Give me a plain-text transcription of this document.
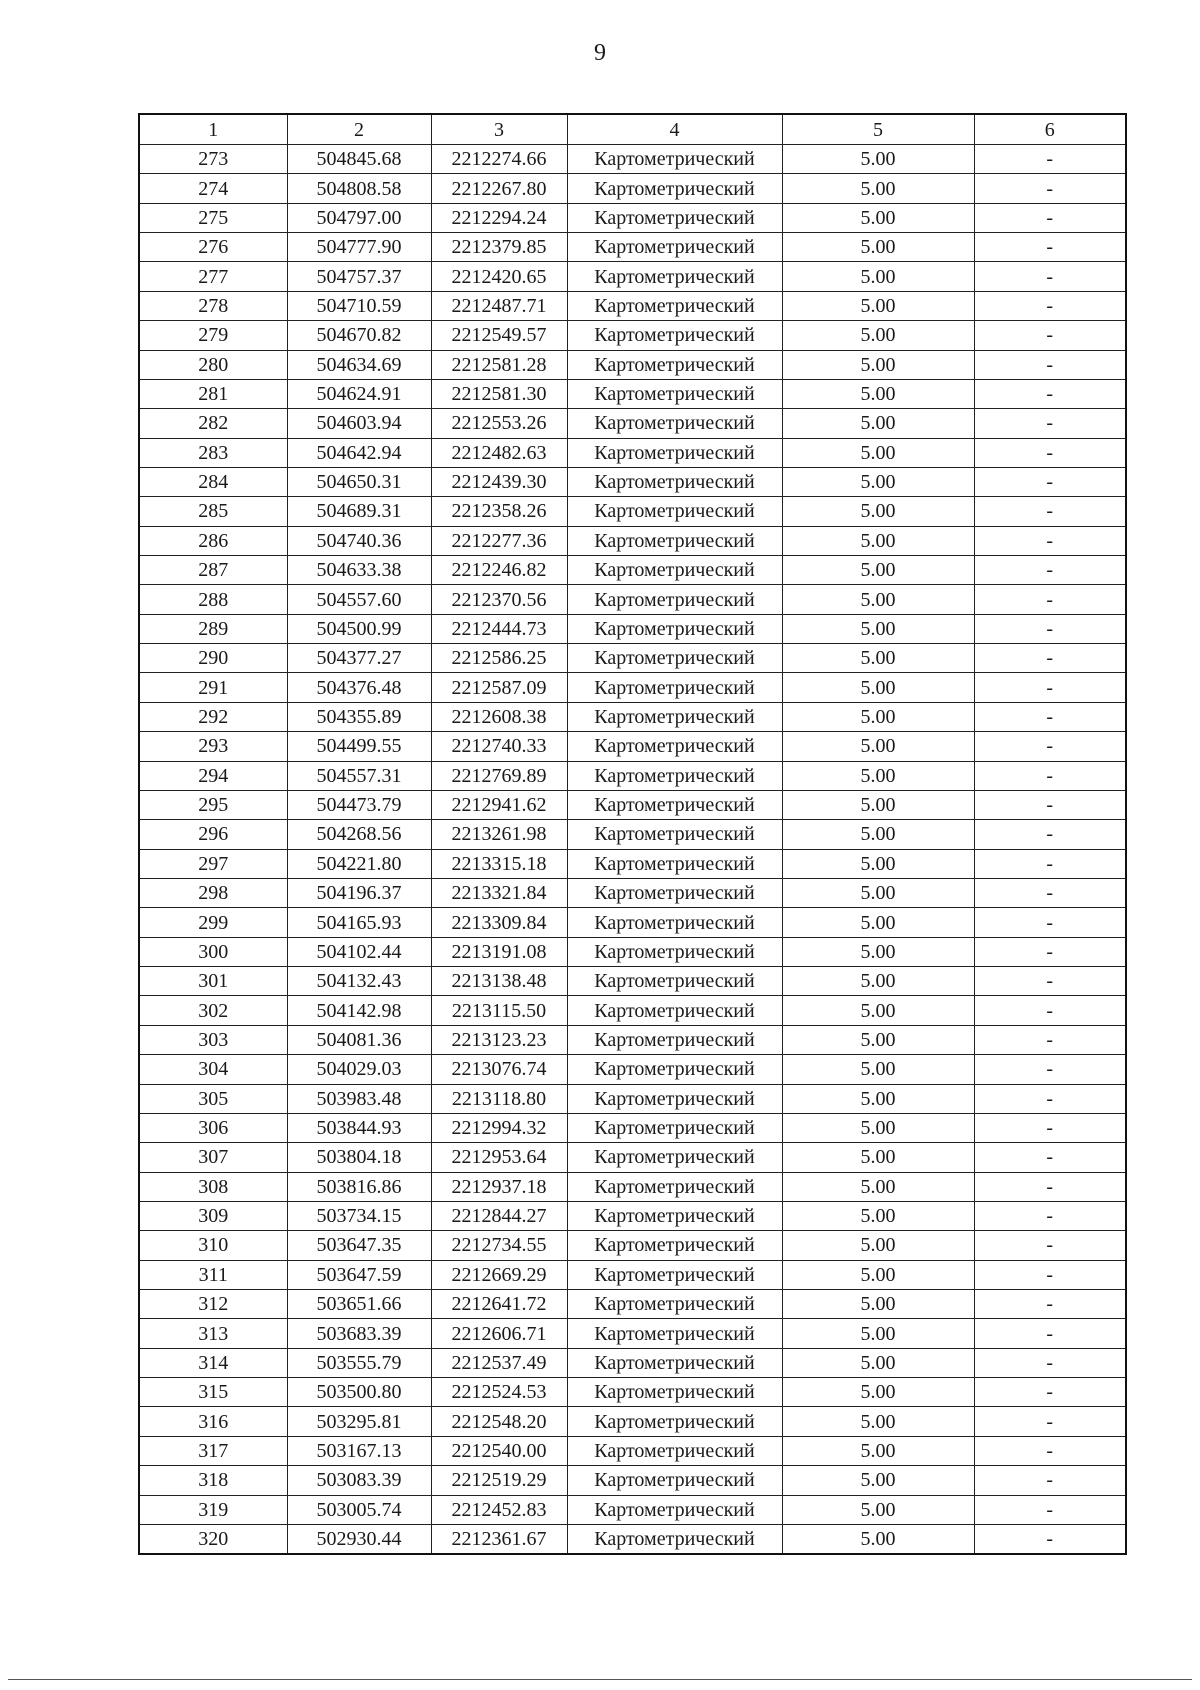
9
1	2	3	4	5	6
273	504845.68	2212274.66	Картометрический	5.00	-
274	504808.58	2212267.80	Картометрический	5.00	-
275	504797.00	2212294.24	Картометрический	5.00	-
276	504777.90	2212379.85	Картометрический	5.00	-
277	504757.37	2212420.65	Картометрический	5.00	-
278	504710.59	2212487.71	Картометрический	5.00	-
279	504670.82	2212549.57	Картометрический	5.00	-
280	504634.69	2212581.28	Картометрический	5.00	-
281	504624.91	2212581.30	Картометрический	5.00	-
282	504603.94	2212553.26	Картометрический	5.00	-
283	504642.94	2212482.63	Картометрический	5.00	-
284	504650.31	2212439.30	Картометрический	5.00	-
285	504689.31	2212358.26	Картометрический	5.00	-
286	504740.36	2212277.36	Картометрический	5.00	-
287	504633.38	2212246.82	Картометрический	5.00	-
288	504557.60	2212370.56	Картометрический	5.00	-
289	504500.99	2212444.73	Картометрический	5.00	-
290	504377.27	2212586.25	Картометрический	5.00	-
291	504376.48	2212587.09	Картометрический	5.00	-
292	504355.89	2212608.38	Картометрический	5.00	-
293	504499.55	2212740.33	Картометрический	5.00	-
294	504557.31	2212769.89	Картометрический	5.00	-
295	504473.79	2212941.62	Картометрический	5.00	-
296	504268.56	2213261.98	Картометрический	5.00	-
297	504221.80	2213315.18	Картометрический	5.00	-
298	504196.37	2213321.84	Картометрический	5.00	-
299	504165.93	2213309.84	Картометрический	5.00	-
300	504102.44	2213191.08	Картометрический	5.00	-
301	504132.43	2213138.48	Картометрический	5.00	-
302	504142.98	2213115.50	Картометрический	5.00	-
303	504081.36	2213123.23	Картометрический	5.00	-
304	504029.03	2213076.74	Картометрический	5.00	-
305	503983.48	2213118.80	Картометрический	5.00	-
306	503844.93	2212994.32	Картометрический	5.00	-
307	503804.18	2212953.64	Картометрический	5.00	-
308	503816.86	2212937.18	Картометрический	5.00	-
309	503734.15	2212844.27	Картометрический	5.00	-
310	503647.35	2212734.55	Картометрический	5.00	-
311	503647.59	2212669.29	Картометрический	5.00	-
312	503651.66	2212641.72	Картометрический	5.00	-
313	503683.39	2212606.71	Картометрический	5.00	-
314	503555.79	2212537.49	Картометрический	5.00	-
315	503500.80	2212524.53	Картометрический	5.00	-
316	503295.81	2212548.20	Картометрический	5.00	-
317	503167.13	2212540.00	Картометрический	5.00	-
318	503083.39	2212519.29	Картометрический	5.00	-
319	503005.74	2212452.83	Картометрический	5.00	-
320	502930.44	2212361.67	Картометрический	5.00	-
